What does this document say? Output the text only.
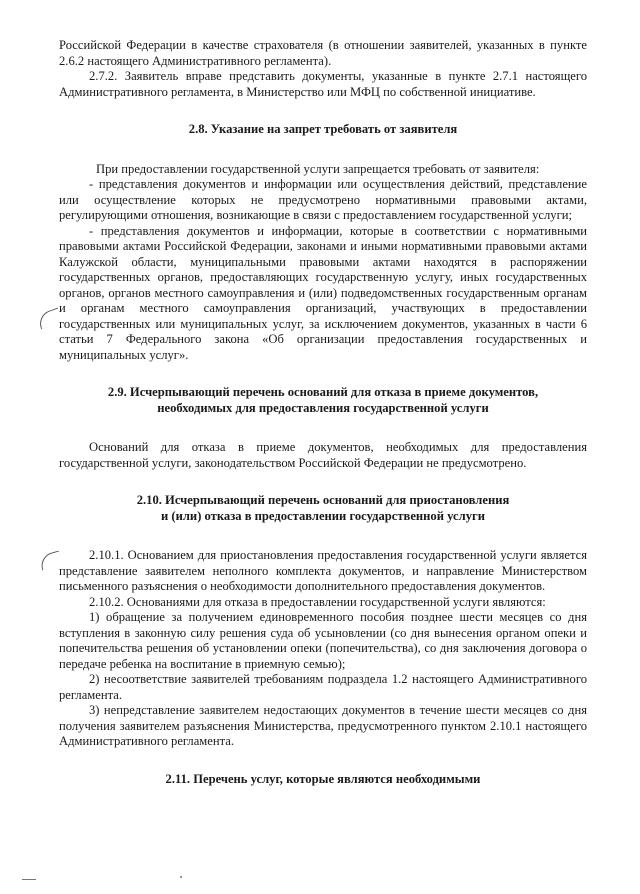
Российской Федерации в качестве страхователя (в отношении заявителей, указанных в пункте 2.6.2 настоящего Административного регламента).

2.7.2. Заявитель вправе представить документы, указанные в пункте 2.7.1 настоящего Административного регламента, в Министерство или МФЦ по собственной инициативе.

2.8. Указание на запрет требовать от заявителя

При предоставлении государственной услуги запрещается требовать от заявителя:

- представления документов и информации или осуществления действий, представление или осуществление которых не предусмотрено нормативными правовыми актами, регулирующими отношения, возникающие в связи с предоставлением государственной услуги;

- представления документов и информации, которые в соответствии с нормативными правовыми актами Российской Федерации, законами и иными нормативными правовыми актами Калужской области, муниципальными правовыми актами находятся в распоряжении государственных органов, предоставляющих государственную услугу, иных государственных органов, органов местного самоуправления и (или) подведомственных государственным органам и органам местного самоуправления организаций, участвующих в предоставлении государственных или муниципальных услуг, за исключением документов, указанных в части 6 статьи 7 Федерального закона «Об организации предоставления государственных и муниципальных услуг».

2.9. Исчерпывающий перечень оснований для отказа в приеме документов,
необходимых для предоставления государственной услуги

Оснований для отказа в приеме документов, необходимых для предоставления государственной услуги, законодательством Российской Федерации не предусмотрено.

2.10. Исчерпывающий перечень оснований для приостановления
и (или) отказа в предоставлении государственной услуги

2.10.1. Основанием для приостановления предоставления государственной услуги является представление заявителем неполного комплекта документов, и направление Министерством письменного разъяснения о необходимости дополнительного предоставления документов.

2.10.2. Основаниями для отказа в предоставлении государственной услуги являются:

1) обращение за получением единовременного пособия позднее шести месяцев со дня вступления в законную силу решения суда об усыновлении (со дня вынесения органом опеки и попечительства решения об установлении опеки (попечительства), со дня заключения договора о передаче ребенка на воспитание в приемную семью);

2) несоответствие заявителей требованиям подраздела 1.2 настоящего Административного регламента.

3) непредставление заявителем недостающих документов в течение шести месяцев со дня получения заявителем разъяснения Министерства, предусмотренного пунктом 2.10.1 настоящего Административного регламента.

2.11. Перечень услуг, которые являются необходимыми
